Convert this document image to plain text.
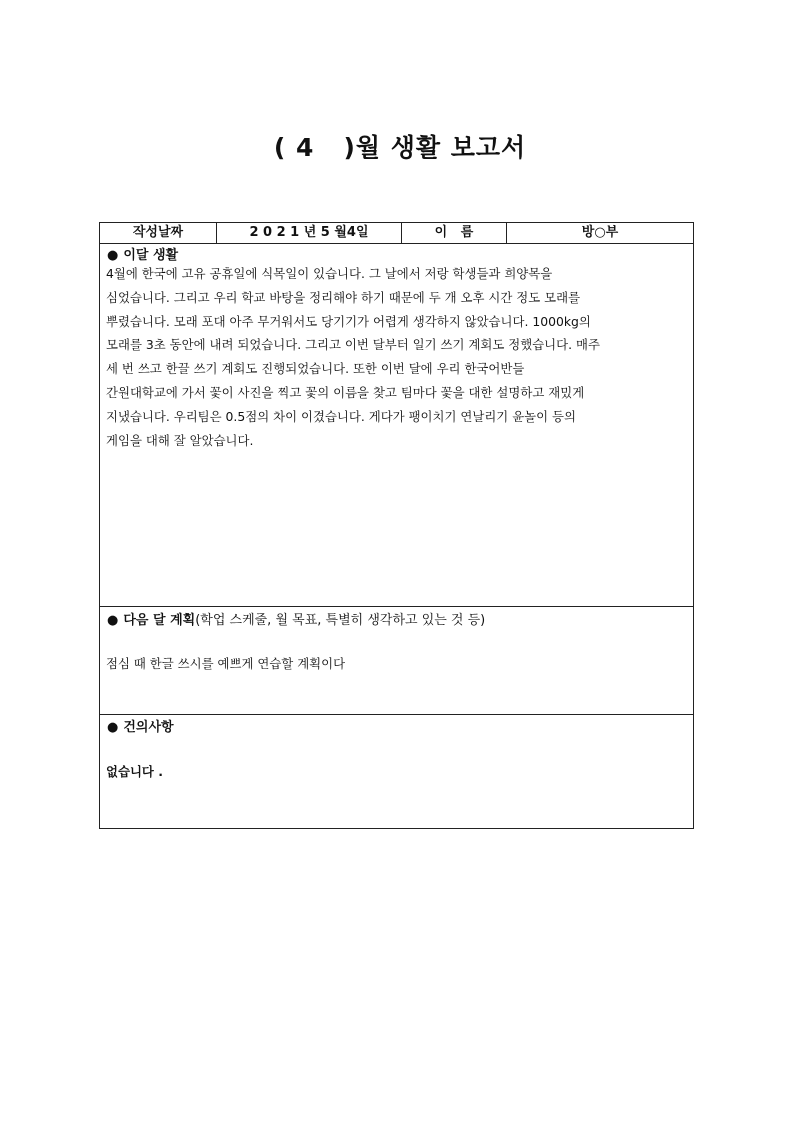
( 4   )월 생활 보고서
작성날짜	2 0 2 1 년 5 월4일	이   름	방○부
● 이달 생활
4월에 한국에 고유 공휴일에 식목일이 있습니다. 그 날에서 저랑 학생들과 희양목을
심었습니다. 그리고 우리 학교 바탕을 정리해야 하기 때문에 두 개 오후 시간 정도 모래를
뿌렸습니다. 모래 포대 아주 무거워서도 당기기가 어렵게 생각하지 않았습니다. 1000kg의
모래를 3초 동안에 내려 되었습니다. 그리고 이번 달부터 일기 쓰기 계회도 정했습니다. 매주
세 번 쓰고 한끌 쓰기 계회도 진행되었습니다. 또한 이번 달에 우리 한국어반들
간원대학교에 가서 꽃이 사진을 찍고 꽃의 이름을 찾고 팀마다 꽃을 대한 설명하고 재밌게
지냈습니다. 우리팀은 0.5점의 차이 이겼습니다. 게다가 팽이치기 연날리기 윤놀이 등의
게임을 대해 잘 알았습니다.
● 다음 달 계획(학업 스케줄, 월 목표, 특별히 생각하고 있는 것 등)
점심 때 한글 쓰시를 예쁘게 연습할 계획이다
● 건의사항
없습니다 .
